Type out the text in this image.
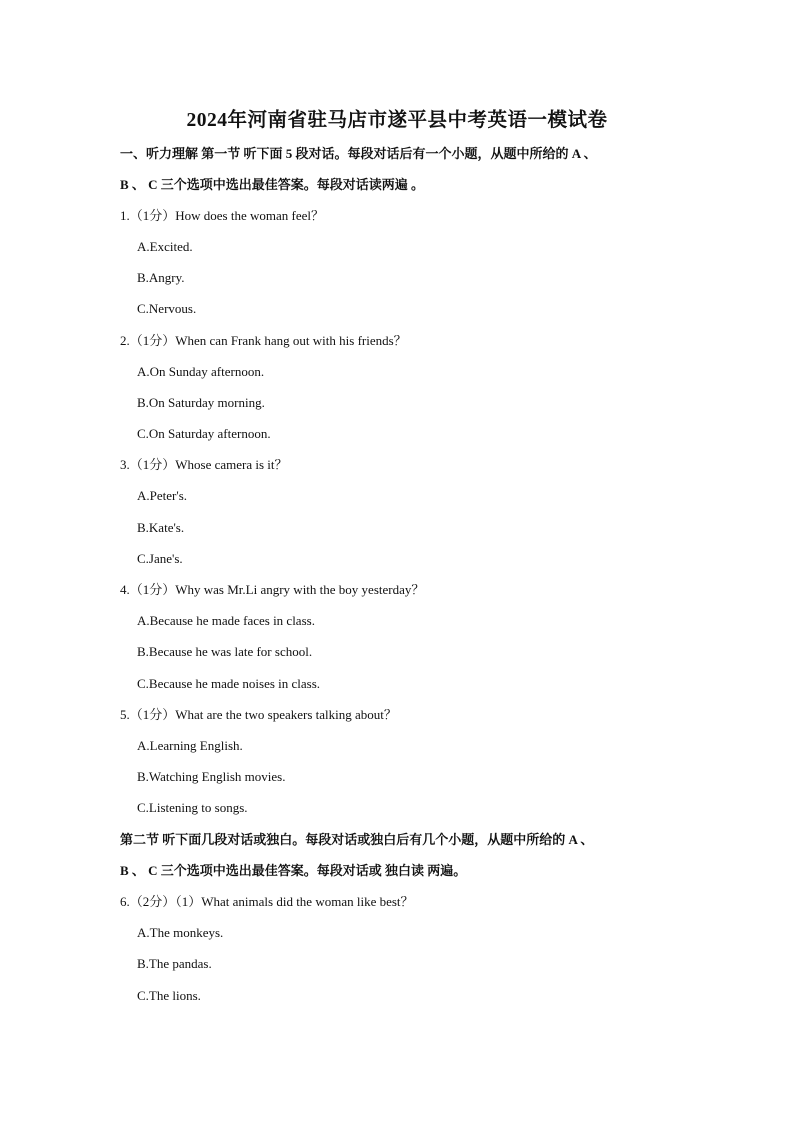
2024年河南省驻马店市遂平县中考英语一模试卷
一、听力理解 第一节 听下面 5 段对话。每段对话后有一个小题，从题中所给的 A 、
B 、 C 三个选项中选出最佳答案。每段对话读两遍 。
1.（1分）How does the woman feel？
A.Excited.
B.Angry.
C.Nervous.
2.（1分）When can Frank hang out with his friends？
A.On Sunday afternoon.
B.On Saturday morning.
C.On Saturday afternoon.
3.（1分）Whose camera is it？
A.Peter's.
B.Kate's.
C.Jane's.
4.（1分）Why was Mr.Li angry with the boy yesterday？
A.Because he made faces in class.
B.Because he was late for school.
C.Because he made noises in class.
5.（1分）What are the two speakers talking about？
A.Learning English.
B.Watching English movies.
C.Listening to songs.
第二节 听下面几段对话或独白。每段对话或独白后有几个小题，从题中所给的 A 、
B 、 C 三个选项中选出最佳答案。每段对话或 独白读 两遍。
6.（2分）（1）What animals did the woman like best？
A.The monkeys.
B.The pandas.
C.The lions.
